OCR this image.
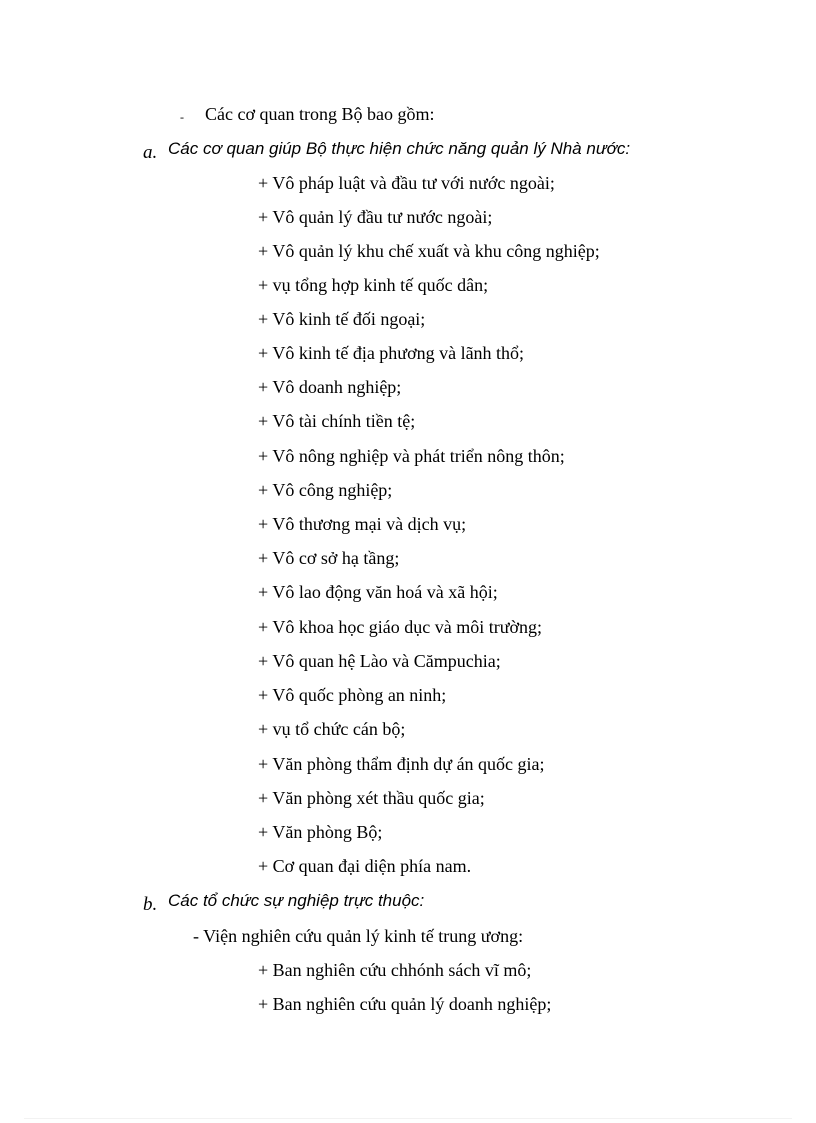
- Các cơ quan trong Bộ bao gồm:
a. Các cơ quan giúp Bộ thực hiện chức năng quản lý Nhà nước:
+ Vô pháp luật và đầu tư với nước ngoài;
+ Vô quản lý đầu tư nước ngoài;
+ Vô quản lý khu chế xuất và khu công nghiệp;
+ vụ tổng hợp kinh tế quốc dân;
+ Vô kinh tế đối ngoại;
+ Vô kinh tế địa phương và lãnh thổ;
+ Vô doanh nghiệp;
+ Vô tài chính tiền tệ;
+ Vô nông nghiệp và phát triển nông thôn;
+ Vô công nghiệp;
+ Vô thương mại và dịch vụ;
+ Vô cơ sở hạ tầng;
+ Vô lao động văn hoá và xã hội;
+ Vô khoa học giáo dục và môi trường;
+ Vô quan hệ Lào và Cămpuchia;
+ Vô quốc phòng an ninh;
+ vụ tổ chức cán bộ;
+ Văn phòng thẩm định dự án quốc gia;
+ Văn phòng xét thầu quốc gia;
+ Văn phòng Bộ;
+ Cơ quan đại diện phía nam.
b. Các tổ chức sự nghiệp trực thuộc:
- Viện nghiên cứu quản lý kinh tế trung ương:
+ Ban nghiên cứu chhónh sách vĩ mô;
+ Ban nghiên cứu quản lý doanh nghiệp;
